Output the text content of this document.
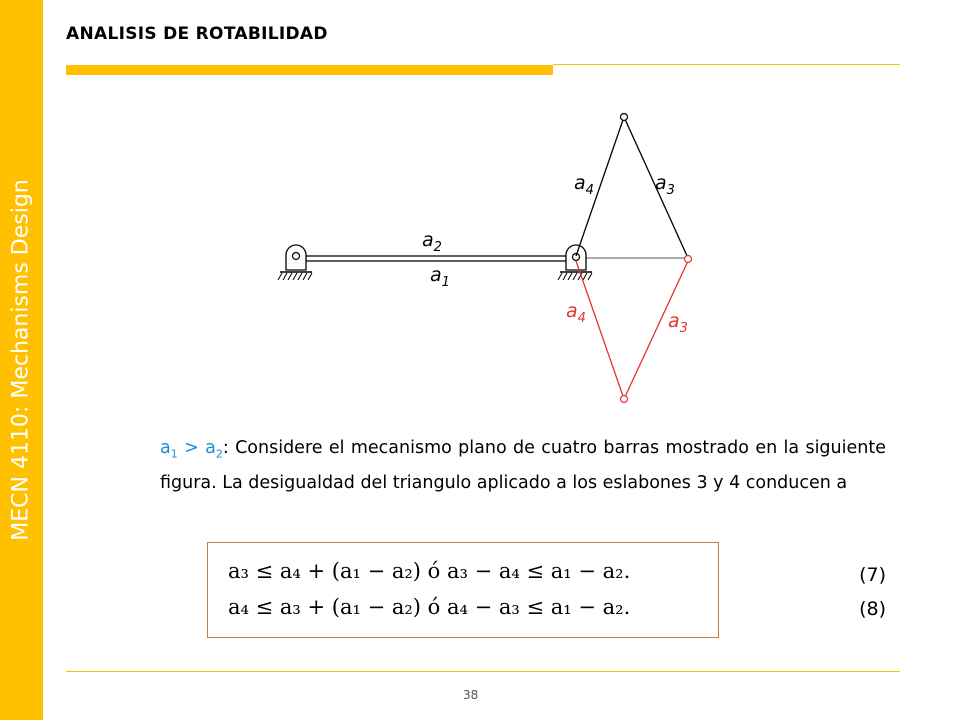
MECN 4110: Mechanisms Design
ANALISIS DE ROTABILIDAD
$a_2$
$a_1$
$a_4$	$a_3$
$a_4$	$a_3$
$a_1 > a_2$: Considere el mecanismo plano de cuatro barras mostrado en la siguiente figura. La desigualdad del triangulo aplicado a los eslabones 3 y 4 conducen a
a₃ ≤ a₄ + (a₁ − a₂) ó a₃ − a₄ ≤ a₁ − a₂.
a₄ ≤ a₃ + (a₁ − a₂) ó a₄ − a₃ ≤ a₁ − a₂.
(7)
(8)
38
